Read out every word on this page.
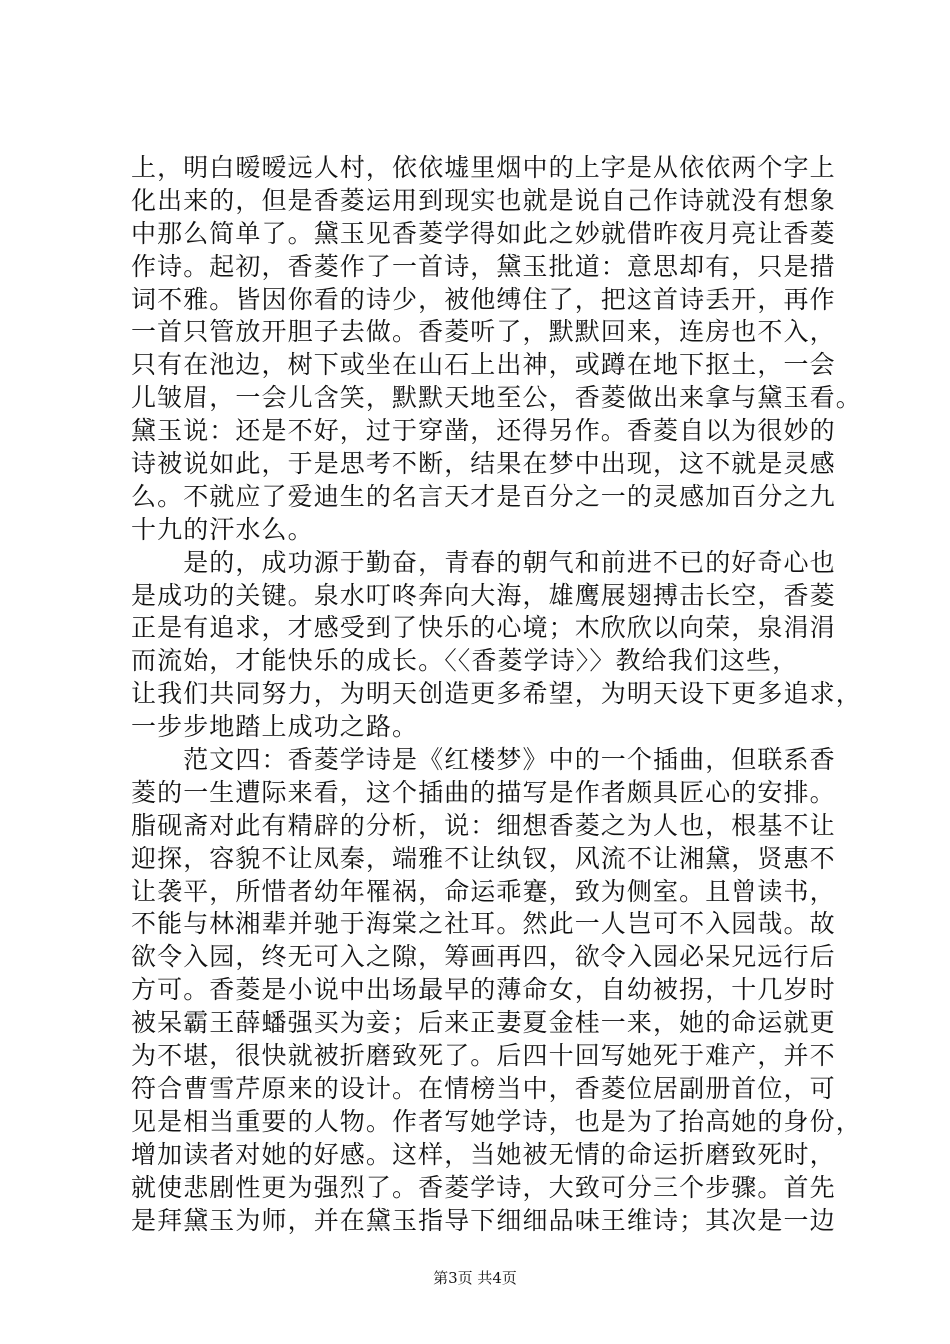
上，明白暧暧远人村，依依墟里烟中的上字是从依依两个字上
化出来的，但是香菱运用到现实也就是说自己作诗就没有想象
中那么简单了。黛玉见香菱学得如此之妙就借昨夜月亮让香菱
作诗。起初，香菱作了一首诗，黛玉批道：意思却有，只是措
词不雅。皆因你看的诗少，被他缚住了，把这首诗丢开，再作
一首只管放开胆子去做。香菱听了，默默回来，连房也不入，
只有在池边，树下或坐在山石上出神，或蹲在地下抠土，一会
儿皱眉，一会儿含笑，默默天地至公，香菱做出来拿与黛玉看。
黛玉说：还是不好，过于穿凿，还得另作。香菱自以为很妙的
诗被说如此，于是思考不断，结果在梦中出现，这不就是灵感
么。不就应了爱迪生的名言天才是百分之一的灵感加百分之九
十九的汗水么。
　　是的，成功源于勤奋，青春的朝气和前进不已的好奇心也
是成功的关键。泉水叮咚奔向大海，雄鹰展翅搏击长空，香菱
正是有追求，才感受到了快乐的心境；木欣欣以向荣，泉涓涓
而流始，才能快乐的成长。〈〈香菱学诗〉〉教给我们这些，
让我们共同努力，为明天创造更多希望，为明天设下更多追求，
一步步地踏上成功之路。
　　范文四：香菱学诗是《红楼梦》中的一个插曲，但联系香
菱的一生遭际来看，这个插曲的描写是作者颇具匠心的安排。
脂砚斋对此有精辟的分析，说：细想香菱之为人也，根基不让
迎探，容貌不让凤秦，端雅不让纨钗，风流不让湘黛，贤惠不
让袭平，所惜者幼年罹祸，命运乖蹇，致为侧室。且曾读书，
不能与林湘辈并驰于海棠之社耳。然此一人岂可不入园哉。故
欲令入园，终无可入之隙，筹画再四，欲令入园必呆兄远行后
方可。香菱是小说中出场最早的薄命女，自幼被拐，十几岁时
被呆霸王薛蟠强买为妾；后来正妻夏金桂一来，她的命运就更
为不堪，很快就被折磨致死了。后四十回写她死于难产，并不
符合曹雪芹原来的设计。在情榜当中，香菱位居副册首位，可
见是相当重要的人物。作者写她学诗，也是为了抬高她的身份，
增加读者对她的好感。这样，当她被无情的命运折磨致死时，
就使悲剧性更为强烈了。香菱学诗，大致可分三个步骤。首先
是拜黛玉为师，并在黛玉指导下细细品味王维诗；其次是一边
第3页 共4页
